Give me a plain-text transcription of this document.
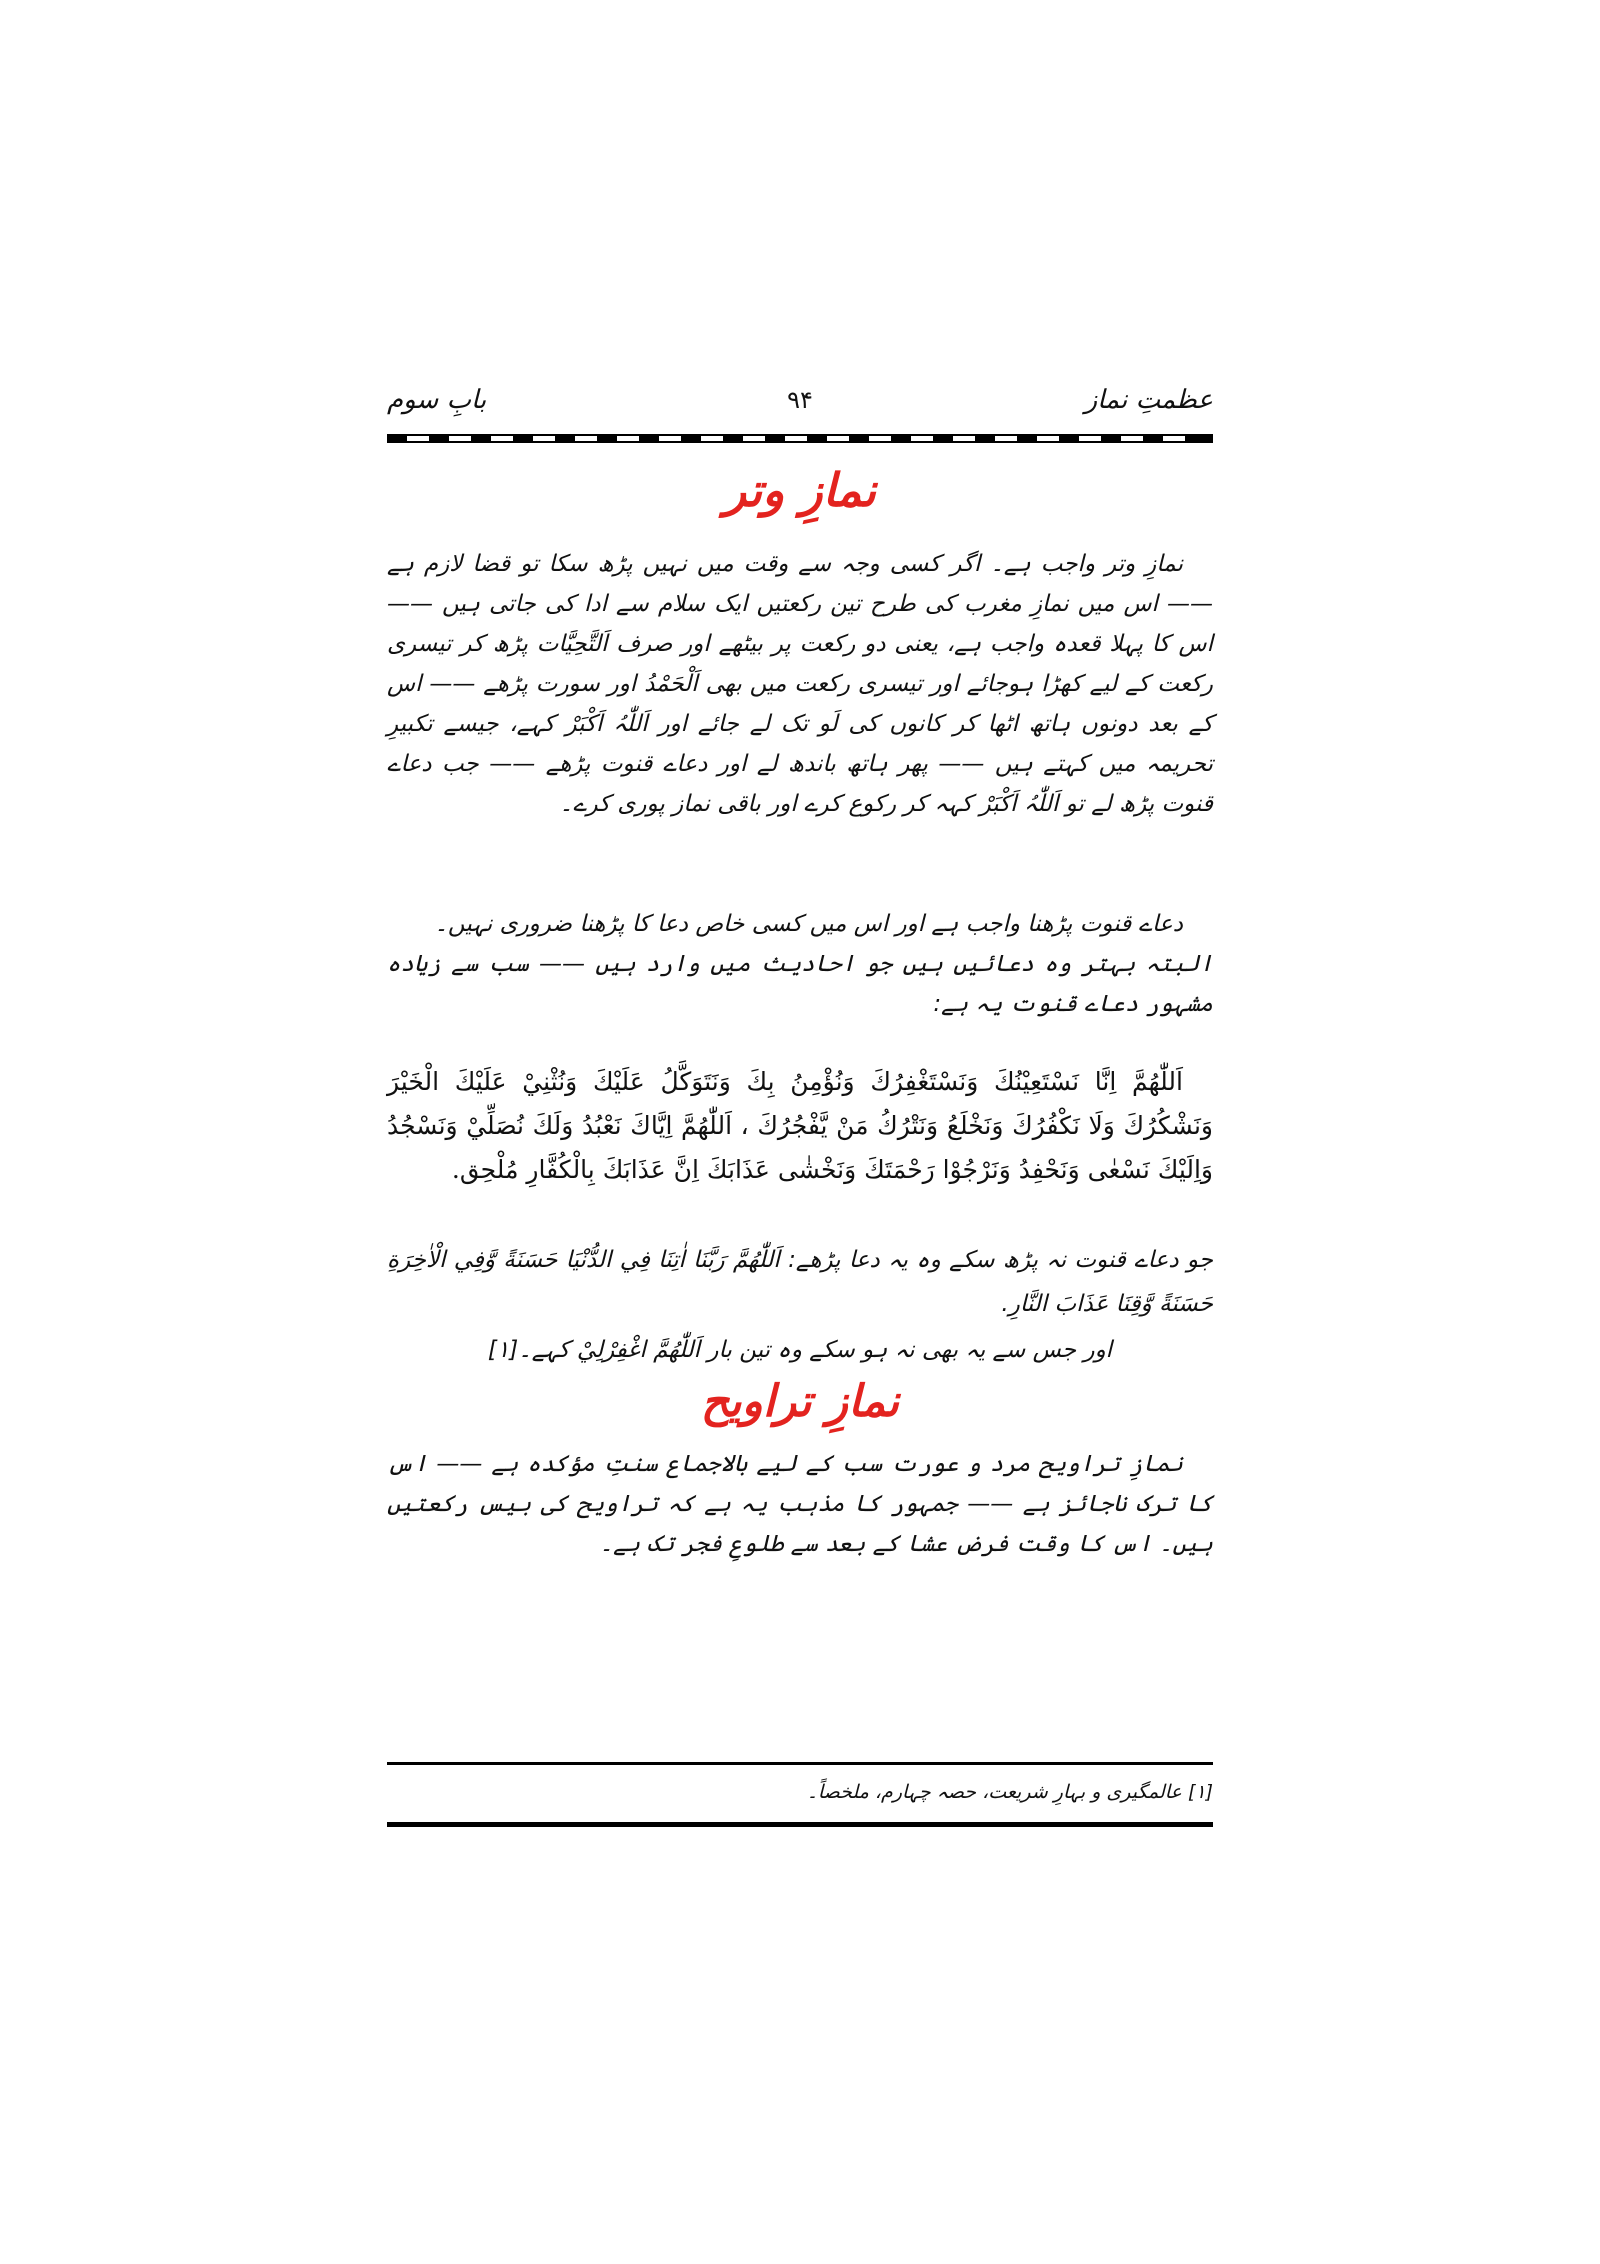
عظمتِ نماز
۹۴
بابِ سوم
نمازِ وتر

نمازِ وتر واجب ہے۔ اگر کسی وجہ سے وقت میں نہیں پڑھ سکا تو قضا لازم ہے —— اس میں نمازِ مغرب کی طرح تین رکعتیں ایک سلام سے ادا کی جاتی ہیں —— اس کا پہلا قعدہ واجب ہے، یعنی دو رکعت پر بیٹھے اور صرف اَلتَّحِیَّات پڑھ کر تیسری رکعت کے لیے کھڑا ہوجائے اور تیسری رکعت میں بھی اَلْحَمْدُ اور سورت پڑھے —— اس کے بعد دونوں ہاتھ اٹھا کر کانوں کی لَو تک لے جائے اور اَللّٰہُ اَکْبَرْ کہے، جیسے تکبیرِ تحریمہ میں کہتے ہیں —— پھر ہاتھ باندھ لے اور دعاے قنوت پڑھے —— جب دعاے قنوت پڑھ لے تو اَللّٰہُ اَکْبَرْ کہہ کر رکوع کرے اور باقی نماز پوری کرے۔

دعاے قنوت پڑھنا واجب ہے اور اس میں کسی خاص دعا کا پڑھنا ضروری نہیں۔

البتہ بہتر وہ دعائیں ہیں جو احادیث میں وارد ہیں —— سب سے زیادہ مشہور دعاے قنوت یہ ہے:

اَللّٰهُمَّ اِنَّا نَسْتَعِيْنُكَ وَنَسْتَغْفِرُكَ وَنُؤْمِنُ بِكَ وَنَتَوَكَّلُ عَلَيْكَ وَنُثْنِيْ عَلَيْكَ الْخَيْرَ وَنَشْكُرُكَ وَلَا نَكْفُرُكَ وَنَخْلَعُ وَنَتْرُكُ مَنْ يَّفْجُرُكَ ، اَللّٰهُمَّ اِيَّاكَ نَعْبُدُ وَلَكَ نُصَلِّيْ وَنَسْجُدُ وَاِلَيْكَ نَسْعٰى وَنَحْفِدُ وَنَرْجُوْا رَحْمَتَكَ وَنَخْشٰى عَذَابَكَ اِنَّ عَذَابَكَ بِالْكُفَّارِ مُلْحِق.

جو دعاے قنوت نہ پڑھ سکے وہ یہ دعا پڑھے: اَللّٰهُمَّ رَبَّنَا اٰتِنَا فِي الدُّنْيَا حَسَنَةً وَّفِي الْاٰخِرَةِ حَسَنَةً وَّقِنَا عَذَابَ النَّارِ.

اور جس سے یہ بھی نہ ہو سکے وہ تین بار اَللّٰهُمَّ اغْفِرْلِيْ کہے۔[۱]

نمازِ تراویح

نمازِ تراویح مرد و عورت سب کے لیے بالاجماع سنتِ مؤکدہ ہے —— اس کا ترک ناجائز ہے —— جمہور کا مذہب یہ ہے کہ تراویح کی بیس رکعتیں ہیں۔ اس کا وقت فرض عشا کے بعد سے طلوعِ فجر تک ہے۔

[۱] عالمگیری و بہارِ شریعت، حصہ چہارم، ملخصاً۔
